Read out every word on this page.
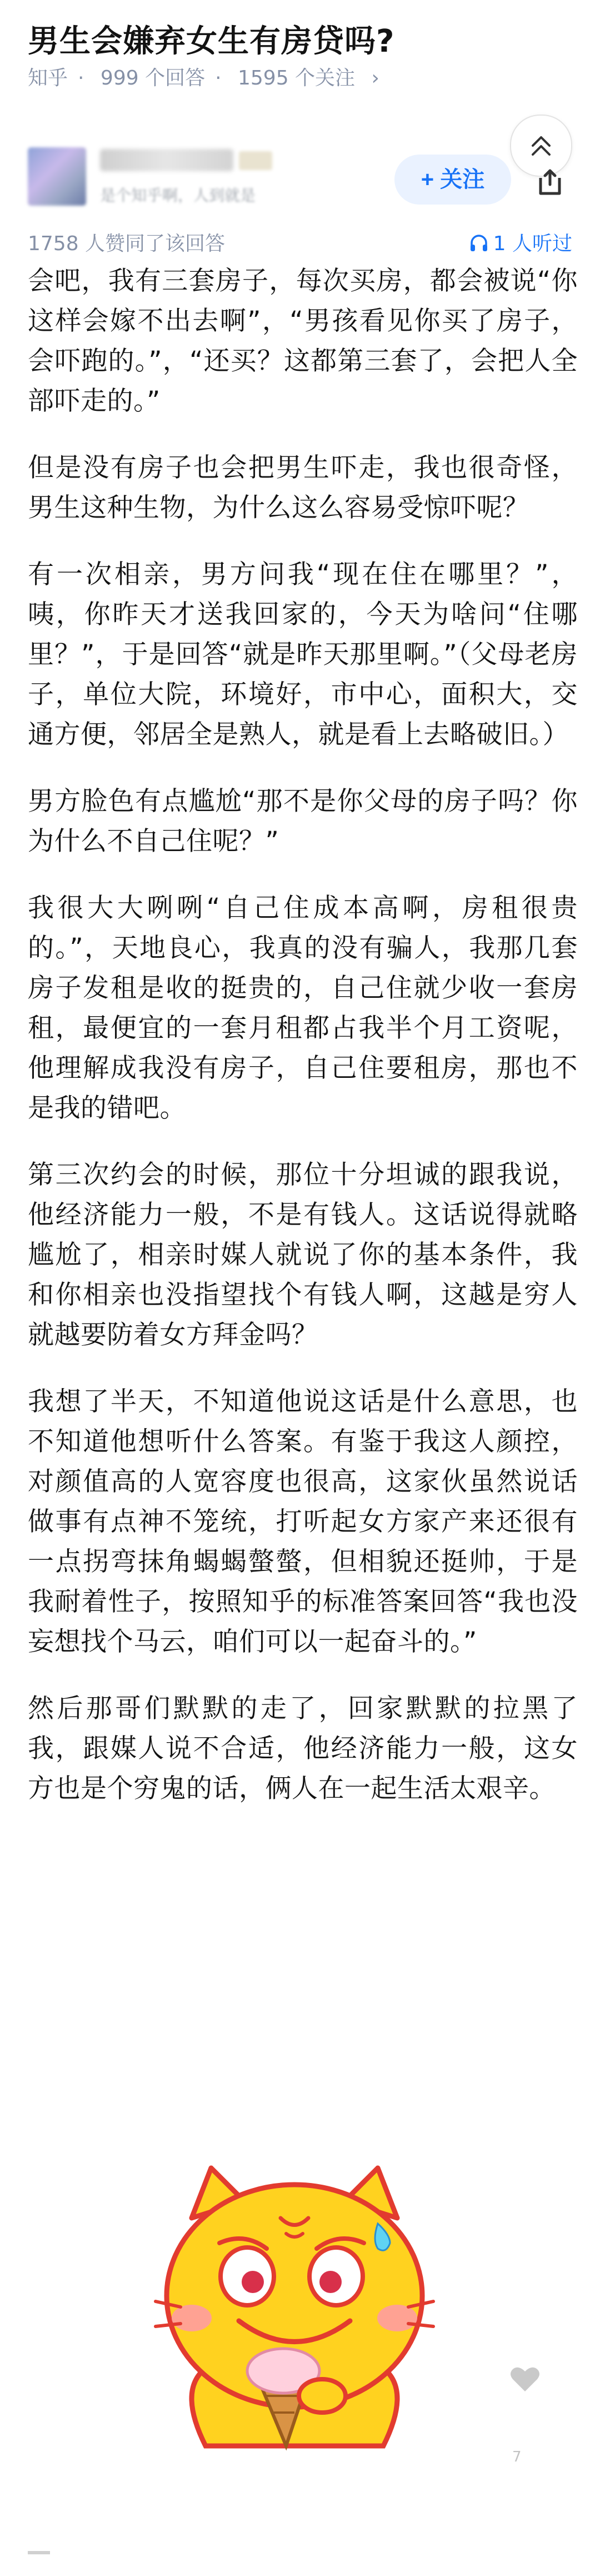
男生会嫌弃女生有房贷吗?
知乎 · 999 个回答 · 1595 个关注 ›
是个知乎啊，人到就是
+ 关注
1758 人赞同了该回答	1 人听过

会吧，我有三套房子，每次买房，都会被说“你这样会嫁不出去啊”，“男孩看见你买了房子，会吓跑的。”，“还买？这都第三套了，会把人全部吓走的。”

但是没有房子也会把男生吓走，我也很奇怪，男生这种生物，为什么这么容易受惊吓呢？

有一次相亲，男方问我“现在住在哪里？”，咦，你昨天才送我回家的，今天为啥问“住哪里？”，于是回答“就是昨天那里啊。”（父母老房子，单位大院，环境好，市中心，面积大，交通方便，邻居全是熟人，就是看上去略破旧。）

男方脸色有点尴尬“那不是你父母的房子吗？你为什么不自己住呢？”

我很大大咧咧“自己住成本高啊，房租很贵的。”，天地良心，我真的没有骗人，我那几套房子发租是收的挺贵的，自己住就少收一套房租，最便宜的一套月租都占我半个月工资呢，他理解成我没有房子，自己住要租房，那也不是我的错吧。

第三次约会的时候，那位十分坦诚的跟我说，他经济能力一般，不是有钱人。这话说得就略尴尬了，相亲时媒人就说了你的基本条件，我和你相亲也没指望找个有钱人啊，这越是穷人就越要防着女方拜金吗？

我想了半天，不知道他说这话是什么意思，也不知道他想听什么答案。有鉴于我这人颜控，对颜值高的人宽容度也很高，这家伙虽然说话做事有点神不笼统，打听起女方家产来还很有一点拐弯抹角蝎蝎螫螫，但相貌还挺帅，于是我耐着性子，按照知乎的标准答案回答“我也没妄想找个马云，咱们可以一起奋斗的。”

然后那哥们默默的走了，回家默默的拉黑了我，跟媒人说不合适，他经济能力一般，这女方也是个穷鬼的话，俩人在一起生活太艰辛。

7
